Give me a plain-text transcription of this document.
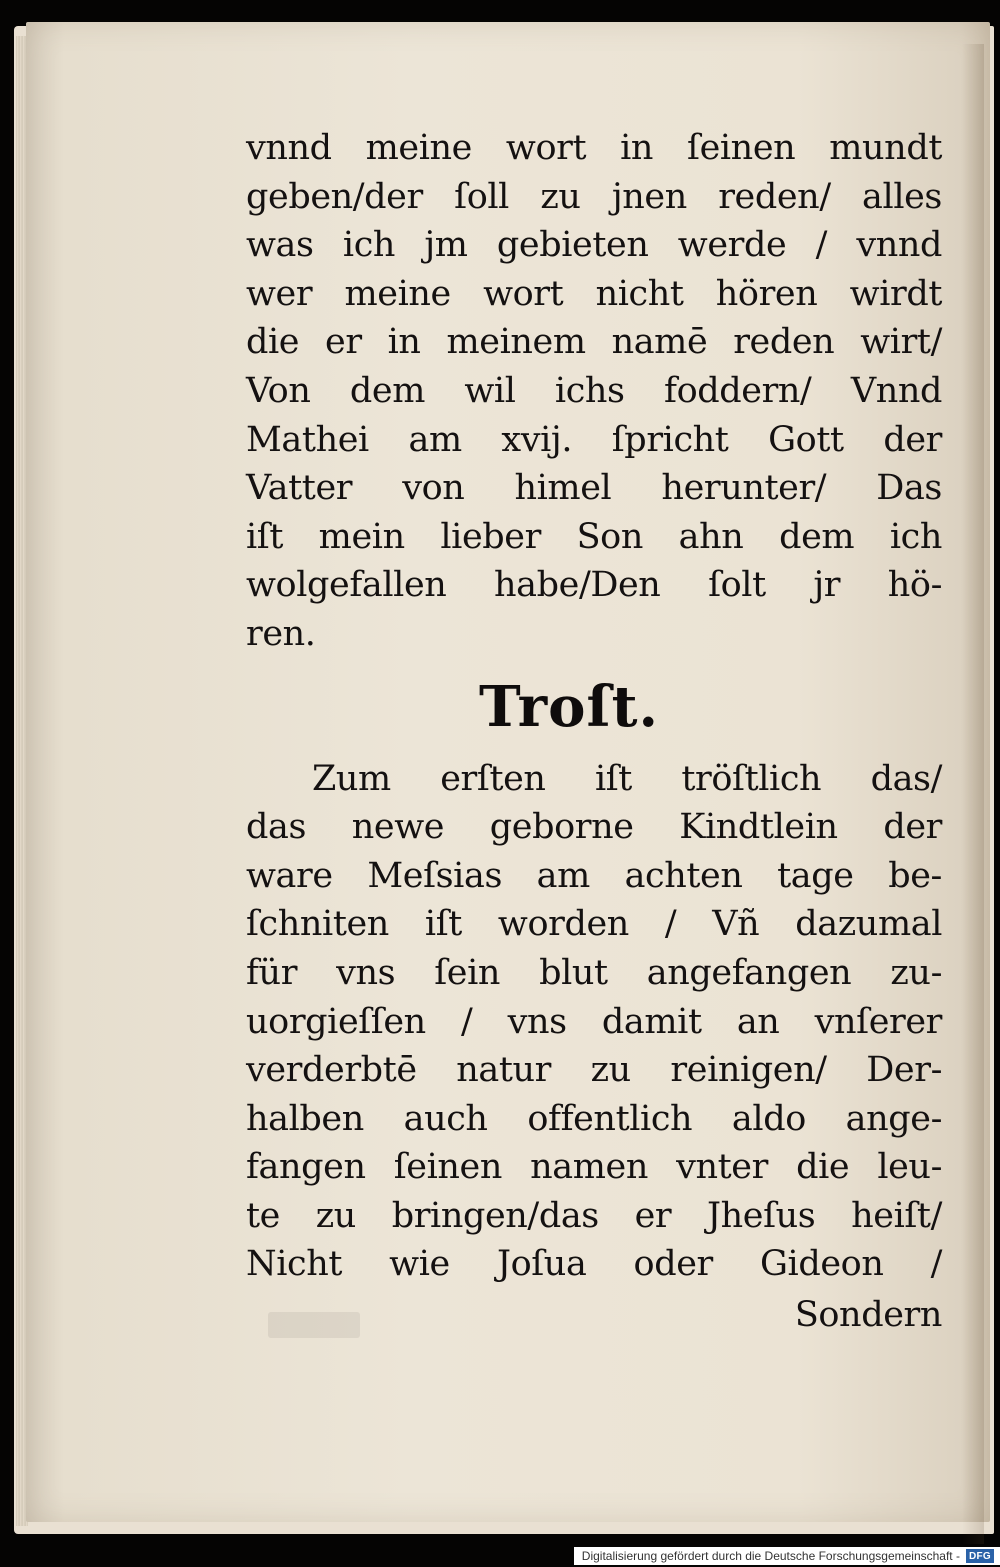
vnnd meine wort in ſeinen mundt
geben/der ſoll zu jnen reden/ alles
was ich jm gebieten werde / vnnd
wer meine wort nicht hören wirdt
die er in meinem namē reden wirt/
Von dem wil ichs foddern/ Vnnd
Mathei am xvij. ſpricht Gott der
Vatter von himel herunter/ Das
iſt mein lieber Son ahn dem ich
wolgefallen habe/Den ſolt jr hö-
ren.
Troſt.
Zum erſten iſt tröſtlich das/
das newe geborne Kindtlein der
ware Meſsias am achten tage be-
ſchniten iſt worden / Vñ dazumal
für vns ſein blut angefangen zu-
uorgieſſen / vns damit an vnſerer
verderbtē natur zu reinigen/ Der-
halben auch offentlich aldo ange-
fangen ſeinen namen vnter die leu-
te zu bringen/das er Jheſus heiſt/
Nicht wie Joſua oder Gideon /
Sondern
Digitalisierung gefördert durch die Deutsche Forschungsgemeinschaft - DFG
